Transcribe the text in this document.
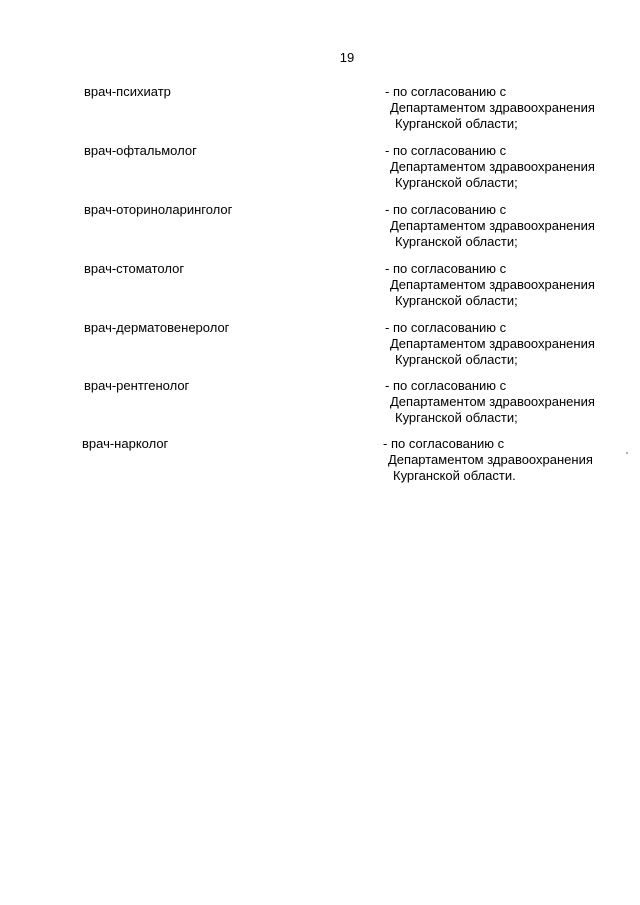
19
врач-психиатр	- по согласованию с
Департаментом здравоохранения
Курганской области;
врач-офтальмолог	- по согласованию с
Департаментом здравоохранения
Курганской области;
врач-оториноларинголог	- по согласованию с
Департаментом здравоохранения
Курганской области;
врач-стоматолог	- по согласованию с
Департаментом здравоохранения
Курганской области;
врач-дерматовенеролог	- по согласованию с
Департаментом здравоохранения
Курганской области;
врач-рентгенолог	- по согласованию с
Департаментом здравоохранения
Курганской области;
врач-нарколог	- по согласованию с
Департаментом здравоохранения
Курганской области.
